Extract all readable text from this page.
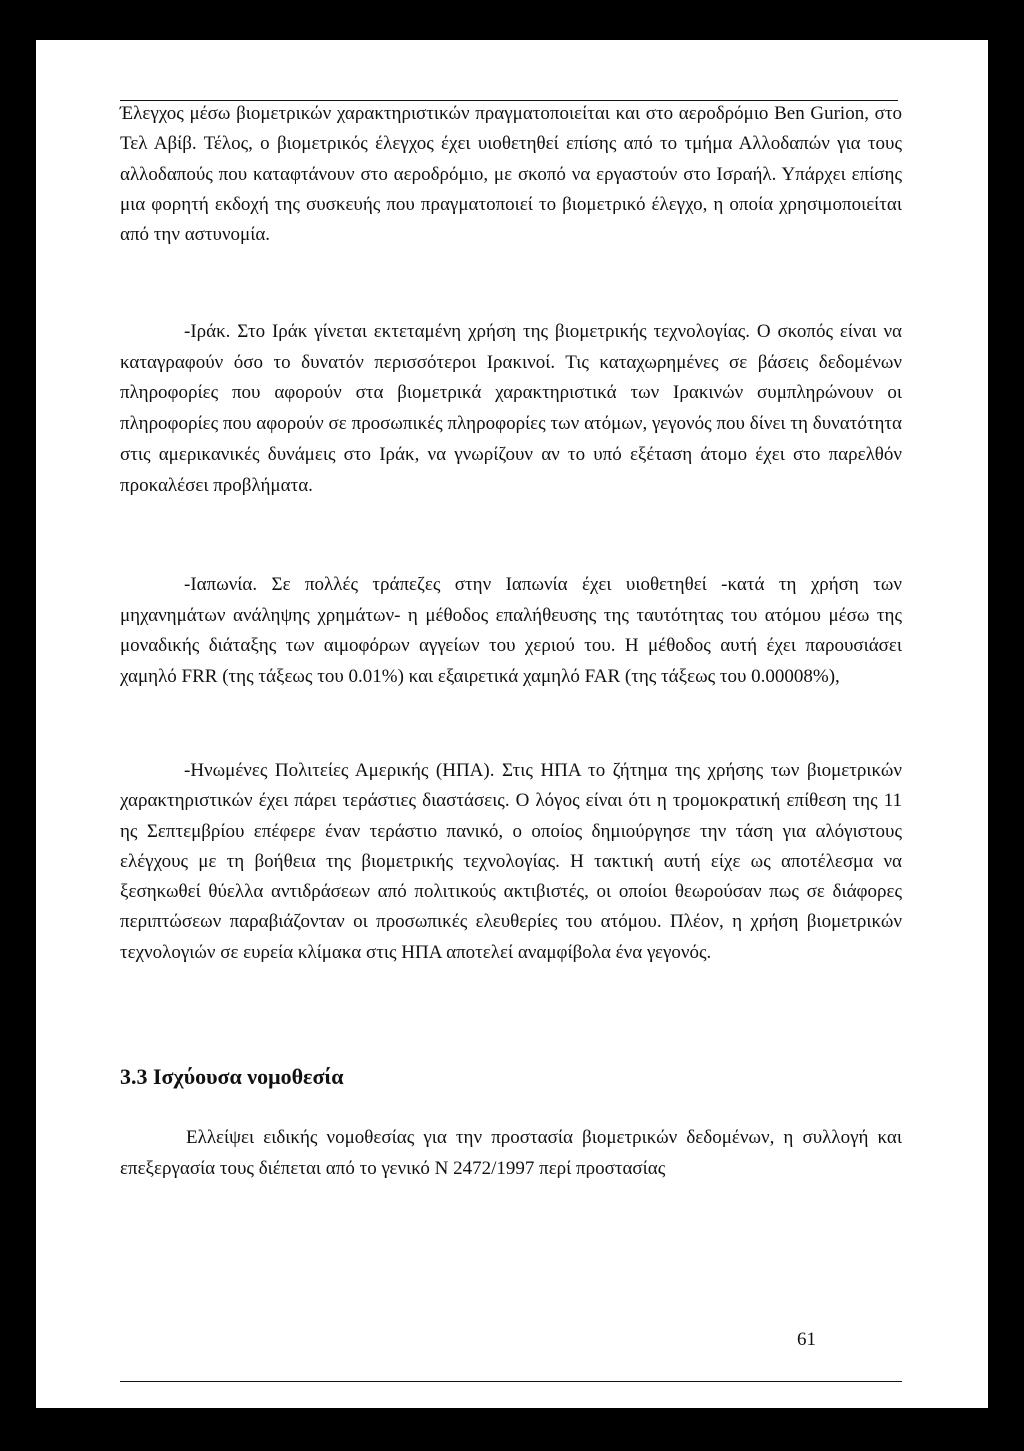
Έλεγχος μέσω βιομετρικών χαρακτηριστικών πραγματοποιείται και στο αεροδρόμιο Ben Gurion, στο Τελ Αβίβ. Τέλος, ο βιομετρικός έλεγχος έχει υιοθετηθεί επίσης από το τμήμα Αλλοδαπών για τους αλλοδαπούς που καταφτάνουν στο αεροδρόμιο, με σκοπό να εργαστούν στο Ισραήλ. Υπάρχει επίσης μια φορητή εκδοχή της συσκευής που πραγματοποιεί το βιομετρικό έλεγχο, η οποία χρησιμοποιείται από την αστυνομία.

-Ιράκ. Στο Ιράκ γίνεται εκτεταμένη χρήση της βιομετρικής τεχνολογίας. Ο σκοπός είναι να καταγραφούν όσο το δυνατόν περισσότεροι Ιρακινοί. Τις καταχωρημένες σε βάσεις δεδομένων πληροφορίες που αφορούν στα βιομετρικά χαρακτηριστικά των Ιρακινών συμπληρώνουν οι πληροφορίες που αφορούν σε προσωπικές πληροφορίες των ατόμων, γεγονός που δίνει τη δυνατότητα στις αμερικανικές δυνάμεις στο Ιράκ, να γνωρίζουν αν το υπό εξέταση άτομο έχει στο παρελθόν προκαλέσει προβλήματα.

-Ιαπωνία. Σε πολλές τράπεζες στην Ιαπωνία έχει υιοθετηθεί -κατά τη χρήση των μηχανημάτων ανάληψης χρημάτων- η μέθοδος επαλήθευσης της ταυτότητας του ατόμου μέσω της μοναδικής διάταξης των αιμοφόρων αγγείων του χεριού του. Η μέθοδος αυτή έχει παρουσιάσει χαμηλό FRR (της τάξεως του 0.01%) και εξαιρετικά χαμηλό FAR (της τάξεως του 0.00008%),

-Ηνωμένες Πολιτείες Αμερικής (ΗΠΑ). Στις ΗΠΑ το ζήτημα της χρήσης των βιομετρικών χαρακτηριστικών έχει πάρει τεράστιες διαστάσεις. Ο λόγος είναι ότι η τρομοκρατική επίθεση της 11 ης Σεπτεμβρίου επέφερε έναν τεράστιο πανικό, ο οποίος δημιούργησε την τάση για αλόγιστους ελέγχους με τη βοήθεια της βιομετρικής τεχνολογίας. Η τακτική αυτή είχε ως αποτέλεσμα να ξεσηκωθεί θύελλα αντιδράσεων από πολιτικούς ακτιβιστές, οι οποίοι θεωρούσαν πως σε διάφορες περιπτώσεων παραβιάζονταν οι προσωπικές ελευθερίες του ατόμου. Πλέον, η χρήση βιομετρικών τεχνολογιών σε ευρεία κλίμακα στις ΗΠΑ αποτελεί αναμφίβολα ένα γεγονός.

3.3 Ισχύουσα νομοθεσία

Ελλείψει ειδικής νομοθεσίας για την προστασία βιομετρικών δεδομένων, η συλλογή και επεξεργασία τους διέπεται από το γενικό Ν 2472/1997 περί προστασίας

61
